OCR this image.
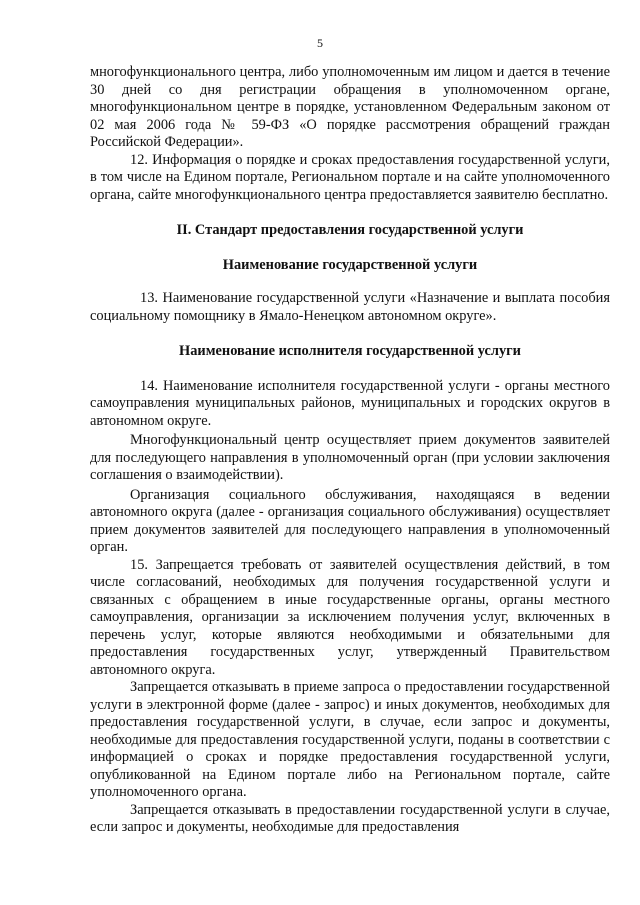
5

многофункционального центра, либо уполномоченным им лицом и дается в течение 30 дней со дня регистрации обращения в уполномоченном органе, многофункциональном центре в порядке, установленном Федеральным законом от 02 мая 2006 года № 59-ФЗ «О порядке рассмотрения обращений граждан Российской Федерации».

12. Информация о порядке и сроках предоставления государственной услуги, в том числе на Едином портале, Региональном портале и на сайте уполномоченного органа, сайте многофункционального центра предоставляется заявителю бесплатно.

II. Стандарт предоставления государственной услуги

Наименование государственной услуги

13. Наименование государственной услуги «Назначение и выплата пособия социальному помощнику в Ямало-Ненецком автономном округе».

Наименование исполнителя государственной услуги

14. Наименование исполнителя государственной услуги - органы местного самоуправления муниципальных районов, муниципальных и городских округов в автономном округе.

Многофункциональный центр осуществляет прием документов заявителей для последующего направления в уполномоченный орган (при условии заключения соглашения о взаимодействии).

Организация социального обслуживания, находящаяся в ведении автономного округа (далее - организация социального обслуживания) осуществляет прием документов заявителей для последующего направления в уполномоченный орган.

15. Запрещается требовать от заявителей осуществления действий, в том числе согласований, необходимых для получения государственной услуги и связанных с обращением в иные государственные органы, органы местного самоуправления, организации за исключением получения услуг, включенных в перечень услуг, которые являются необходимыми и обязательными для предоставления государственных услуг, утвержденный Правительством автономного округа.

Запрещается отказывать в приеме запроса о предоставлении государственной услуги в электронной форме (далее - запрос) и иных документов, необходимых для предоставления государственной услуги, в случае, если запрос и документы, необходимые для предоставления государственной услуги, поданы в соответствии с информацией о сроках и порядке предоставления государственной услуги, опубликованной на Едином портале либо на Региональном портале, сайте уполномоченного органа.

Запрещается отказывать в предоставлении государственной услуги в случае, если запрос и документы, необходимые для предоставления
